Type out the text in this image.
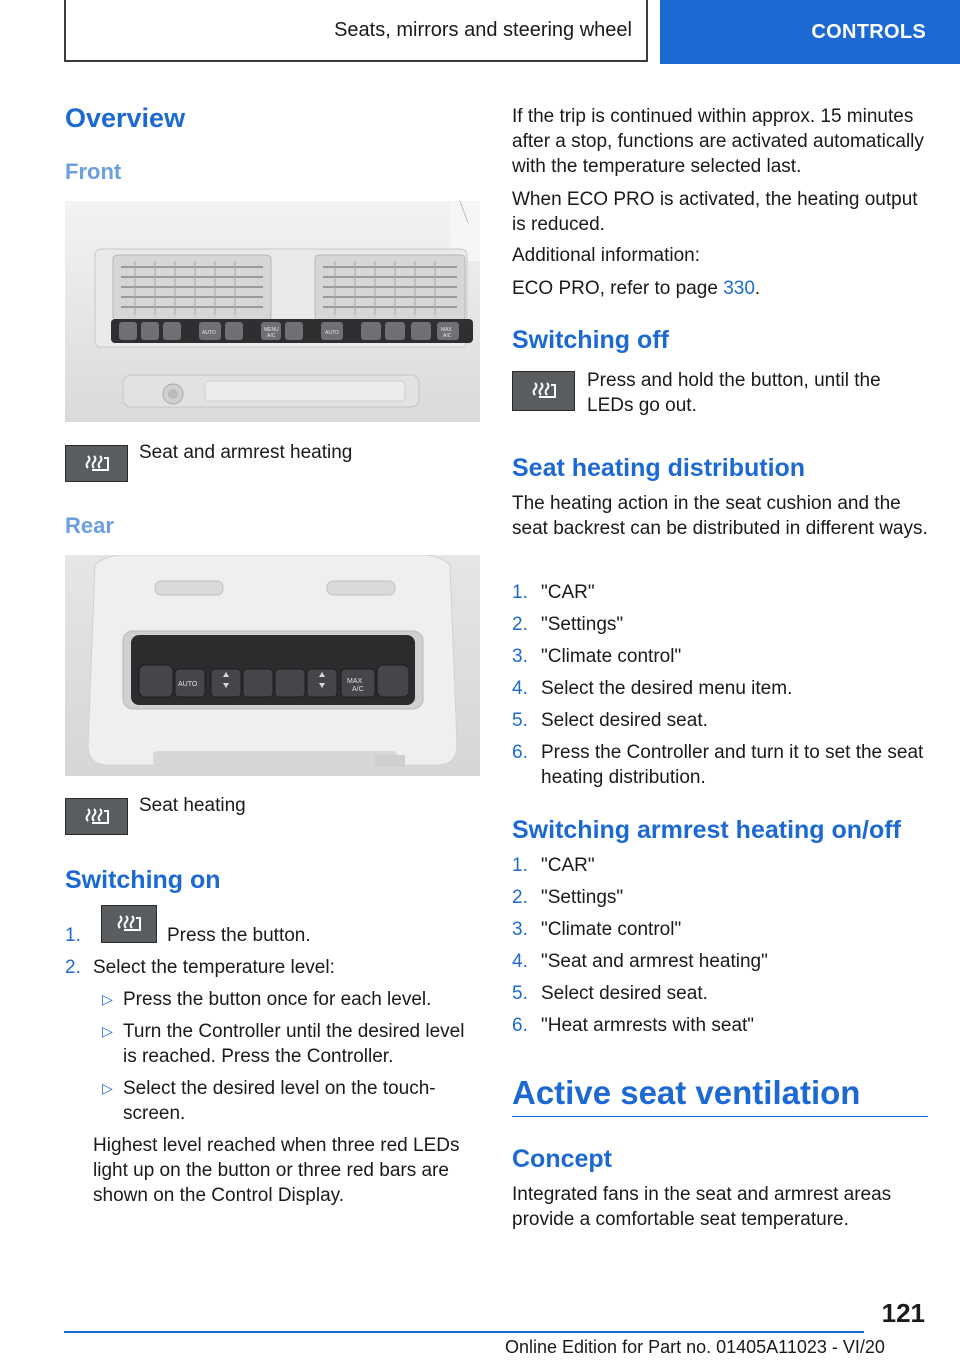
Seats, mirrors and steering wheel	CONTROLS
Overview
Front
AUTO	MENU
A/C	AUTO	MAX
A/C

Seat and armrest heating

Rear
AUTO	MAX
A/C

Seat heating

Switching on
1.	Press the button.
2. Select the temperature level:
▷ Press the button once for each level.
▷ Turn the Controller until the desired level is reached. Press the Controller.
▷ Select the desired level on the touch-screen.

Highest level reached when three red LEDs light up on the button or three red bars are shown on the Control Display.

If the trip is continued within approx. 15 minutes after a stop, functions are activated automatically with the temperature selected last.

When ECO PRO is activated, the heating output is reduced.

Additional information:

ECO PRO, refer to page 330.

Switching off

Press and hold the button, until the LEDs go out.

Seat heating distribution

The heating action in the seat cushion and the seat backrest can be distributed in different ways.

1. "CAR"
2. "Settings"
3. "Climate control"
4. Select the desired menu item.
5. Select desired seat.
6. Press the Controller and turn it to set the seat heating distribution.
Switching armrest heating on/off
1. "CAR"
2. "Settings"
3. "Climate control"
4. "Seat and armrest heating"
5. Select desired seat.
6. "Heat armrests with seat"
Active seat ventilation
Concept

Integrated fans in the seat and armrest areas provide a comfortable seat temperature.

121
Online Edition for Part no. 01405A11023 - VI/20
